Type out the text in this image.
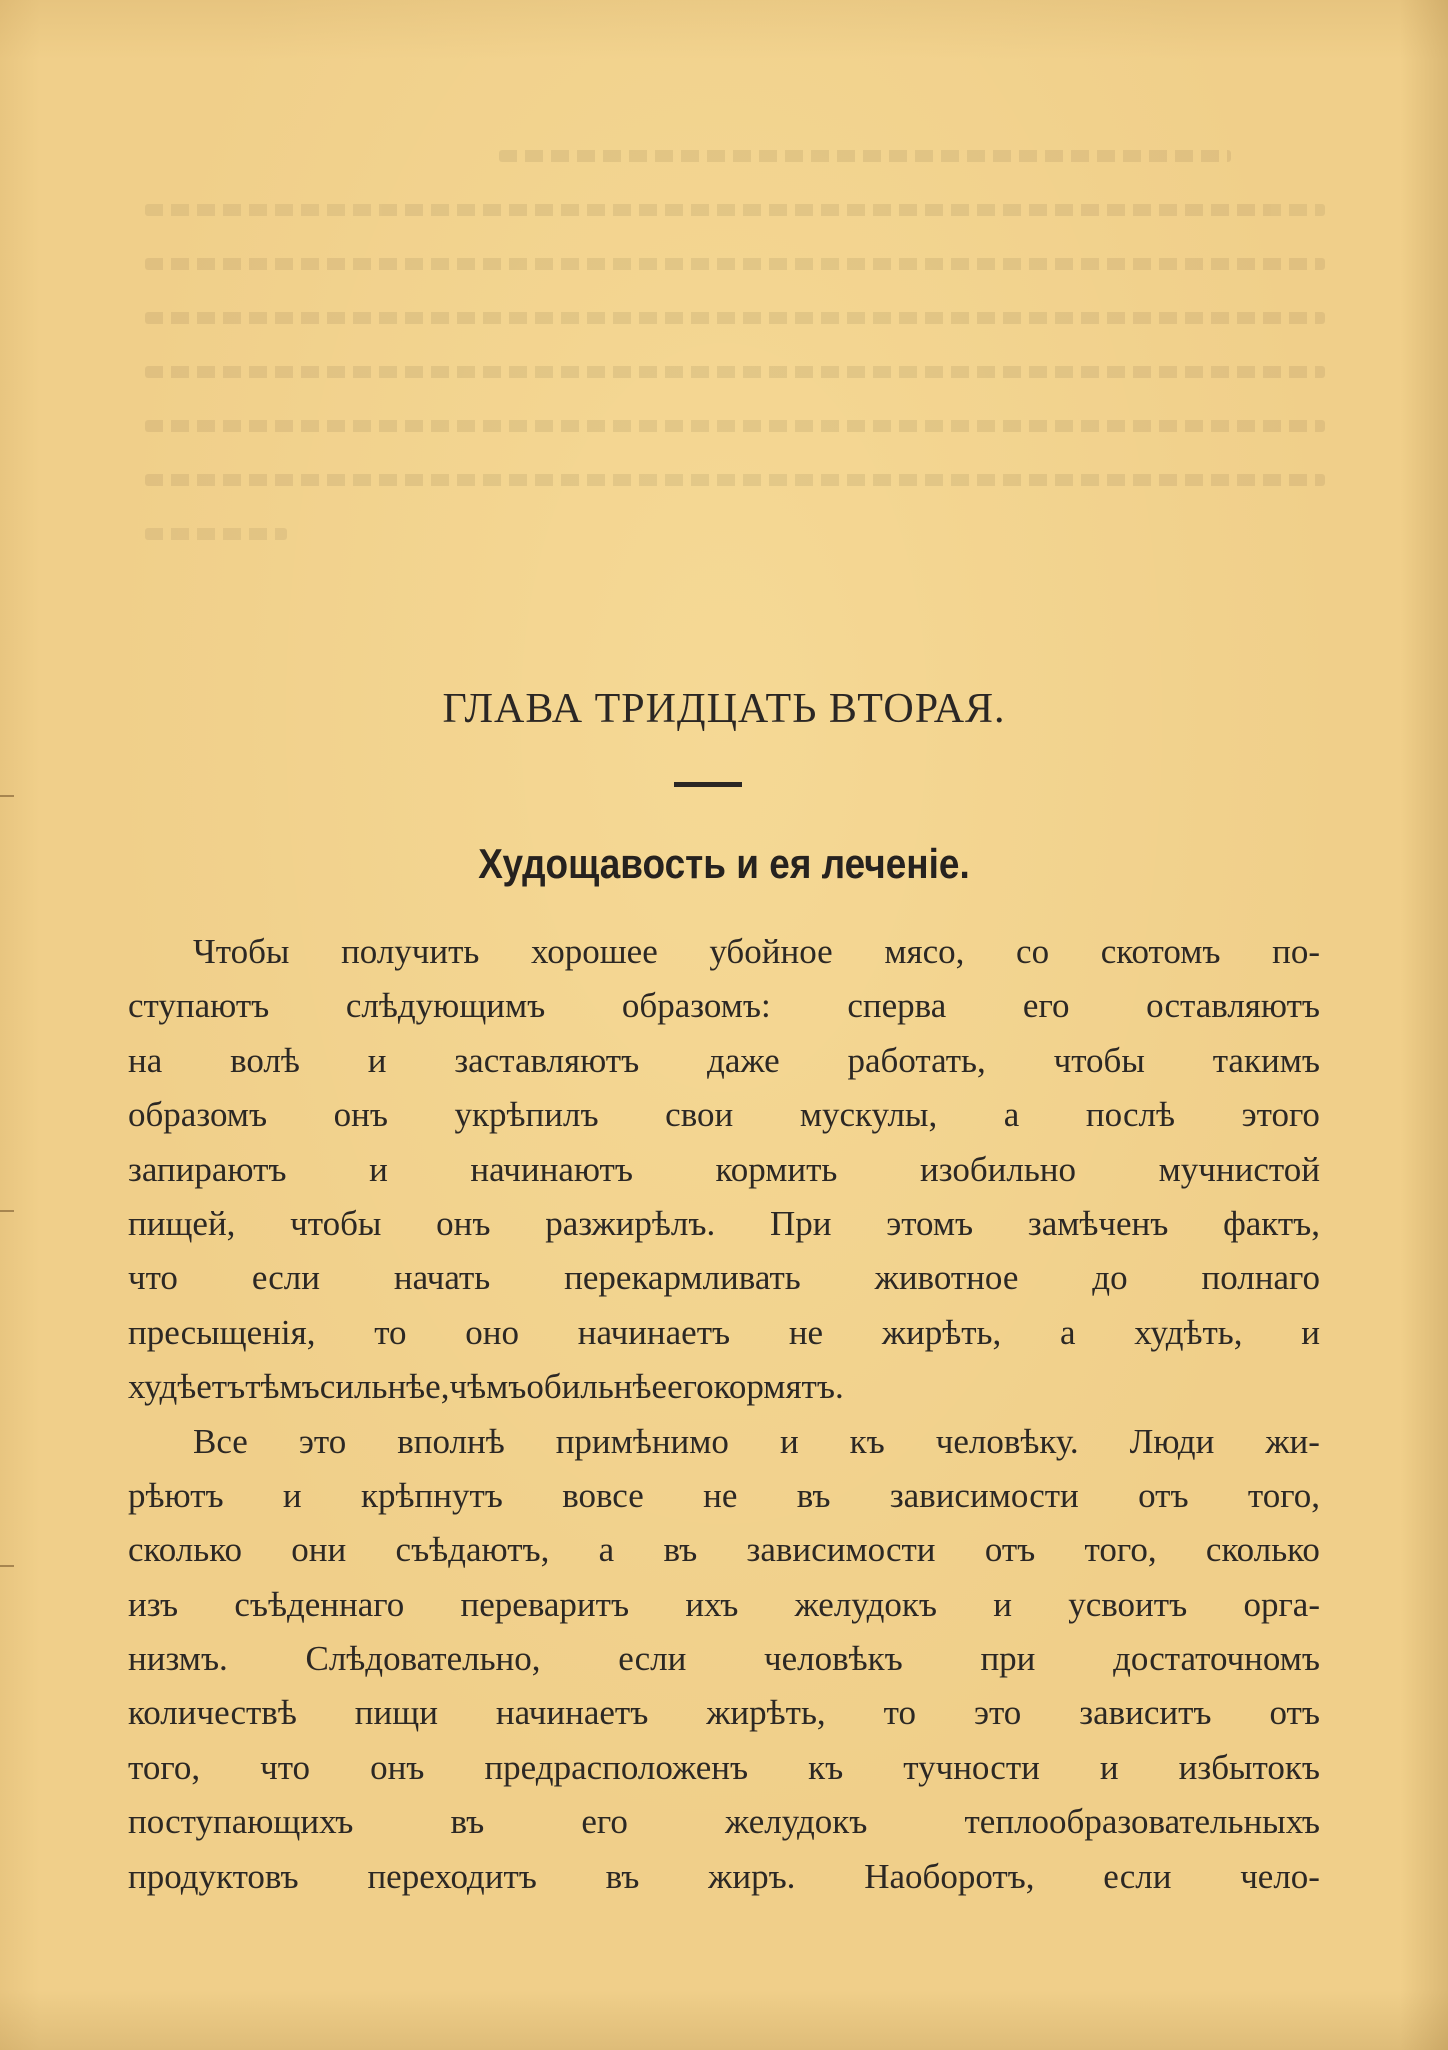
ГЛАВА ТРИДЦАТЬ ВТОРАЯ.
Худощавость и ея леченіе.
Чтобы получить хорошее убойное мясо, со скотомъ по-
ступаютъ слѣдующимъ образомъ: сперва его оставляютъ
на волѣ и заставляютъ даже работать, чтобы такимъ
образомъ онъ укрѣпилъ свои мускулы, а послѣ этого
запираютъ и начинаютъ кормить изобильно мучнистой
пищей, чтобы онъ разжирѣлъ. При этомъ замѣченъ фактъ,
что если начать перекармливать животное до полнаго
пресыщенія, то оно начинаетъ не жирѣть, а худѣть, и
худѣетъ тѣмъ сильнѣе, чѣмъ обильнѣе его кормятъ.
Все это вполнѣ примѣнимо и къ человѣку. Люди жи-
рѣютъ и крѣпнутъ вовсе не въ зависимости отъ того,
сколько они съѣдаютъ, а въ зависимости отъ того, сколько
изъ съѣденнаго переваритъ ихъ желудокъ и усвоитъ орга-
низмъ. Слѣдовательно, если человѣкъ при достаточномъ
количествѣ пищи начинаетъ жирѣть, то это зависитъ отъ
того, что онъ предрасположенъ къ тучности и избытокъ
поступающихъ	въ	его	желудокъ	теплообразовательныхъ
продуктовъ переходитъ въ жиръ. Наоборотъ, если чело-
